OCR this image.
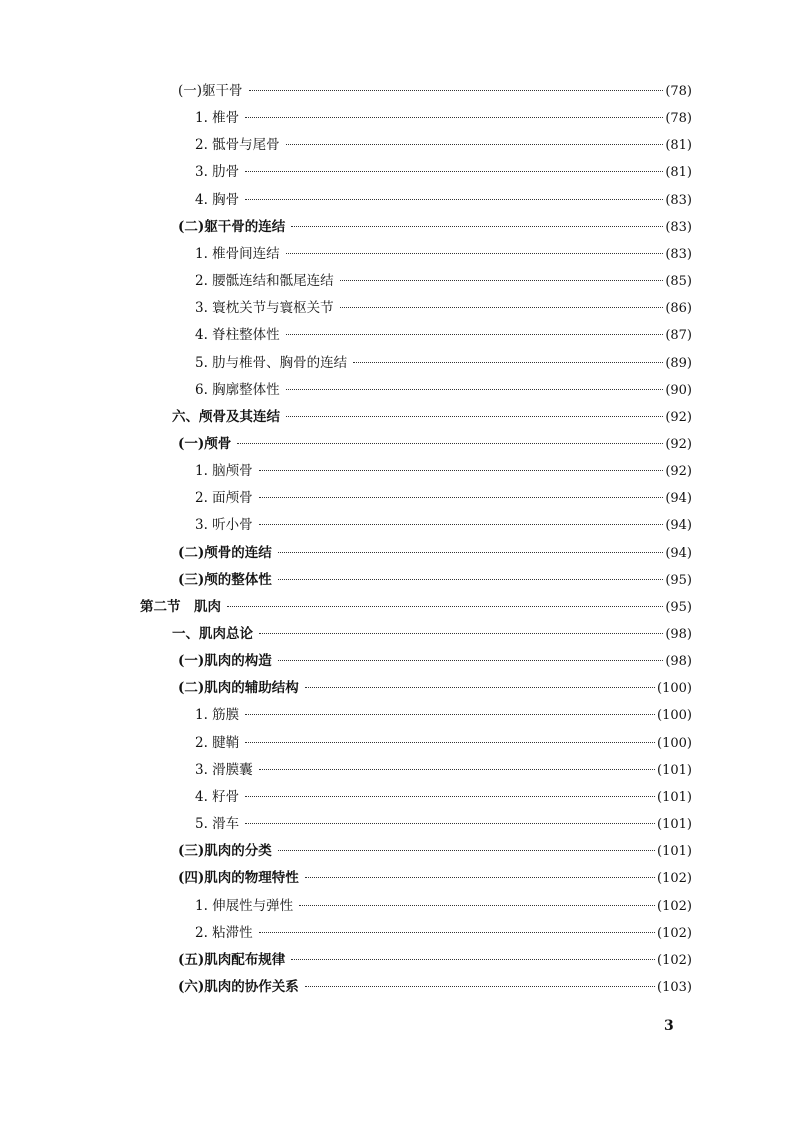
(一)躯干骨	(78)
1. 椎骨	(78)
2. 骶骨与尾骨	(81)
3. 肋骨	(81)
4. 胸骨	(83)
(二)躯干骨的连结	(83)
1. 椎骨间连结	(83)
2. 腰骶连结和骶尾连结	(85)
3. 寰枕关节与寰枢关节	(86)
4. 脊柱整体性	(87)
5. 肋与椎骨、胸骨的连结	(89)
6. 胸廓整体性	(90)
六、颅骨及其连结	(92)
(一)颅骨	(92)
1. 脑颅骨	(92)
2. 面颅骨	(94)
3. 听小骨	(94)
(二)颅骨的连结	(94)
(三)颅的整体性	(95)
第二节　肌肉	(95)
一、肌肉总论	(98)
(一)肌肉的构造	(98)
(二)肌肉的辅助结构	(100)
1. 筋膜	(100)
2. 腱鞘	(100)
3. 滑膜囊	(101)
4. 籽骨	(101)
5. 滑车	(101)
(三)肌肉的分类	(101)
(四)肌肉的物理特性	(102)
1. 伸展性与弹性	(102)
2. 粘滞性	(102)
(五)肌肉配布规律	(102)
(六)肌肉的协作关系	(103)
3
